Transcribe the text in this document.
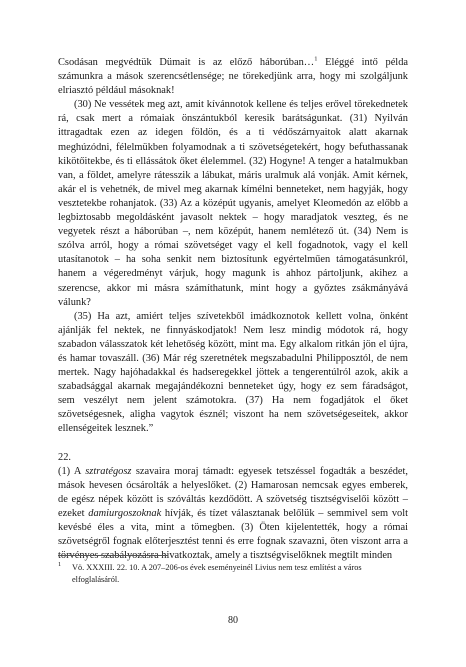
Csodásan megvédtük Dümait is az előző háborúban…$^1$ Eléggé intő példa számunkra a mások szerencsétlensége; ne törekedjünk arra, hogy mi szolgáljunk elriasztó például másoknak!

(30) Ne vessétek meg azt, amit kívánnotok kellene és teljes erővel törekednetek rá, csak mert a rómaiak önszántukból keresik barátságunkat. (31) Nyilván ittragadtak ezen az idegen földön, és a ti védőszárnyaitok alatt akarnak meghúzódni, félelmükben folyamodnak a ti szövetségetekért, hogy befuthassanak kikötőitekbe, és ti ellássátok őket élelemmel. (32) Hogyne! A tenger a hatalmukban van, a földet, amelyre rátesszik a lábukat, máris uralmuk alá vonják. Amit kérnek, akár el is vehetnék, de mivel meg akarnak kímélni benneteket, nem hagyják, hogy vesztetekbe rohanjatok. (33) Az a középút ugyanis, amelyet Kleomedón az előbb a legbiztosabb megoldásként javasolt nektek – hogy maradjatok veszteg, és ne vegyetek részt a háborúban –, nem középút, hanem nemlétező út. (34) Nem is szólva arról, hogy a római szövetséget vagy el kell fogadnotok, vagy el kell utasítanotok – ha soha senkit nem biztosítunk egyértelműen támogatásunkról, hanem a végeredményt várjuk, hogy magunk is ahhoz pártoljunk, akihez a szerencse, akkor mi másra számíthatunk, mint hogy a győztes zsákmányává válunk?

(35) Ha azt, amiért teljes szívetekből imádkoznotok kellett volna, önként ajánlják fel nektek, ne finnyáskodjatok! Nem lesz mindig módotok rá, hogy szabadon válasszatok két lehetőség között, mint ma. Egy alkalom ritkán jön el újra, és hamar tovaszáll. (36) Már rég szeretnétek megszabadulni Philipposztól, de nem mertek. Nagy hajóhadakkal és hadseregekkel jöttek a tengerentúlról azok, akik a szabadsággal akarnak megajándékozni benneteket úgy, hogy ez sem fáradságot, sem veszélyt nem jelent számotokra. (37) Ha nem fogadjátok el őket szövetségesnek, aligha vagytok észnél; viszont ha nem szövetségeseitek, akkor ellenségeitek lesznek.”

22.

(1) A sztratégosz szavaira moraj támadt: egyesek tetszéssel fogadták a beszédet, mások hevesen ócsárolták a helyeslőket. (2) Hamarosan nemcsak egyes emberek, de egész népek között is szóváltás kezdődött. A szövetség tisztségviselői között – ezeket damiurgoszoknak hívják, és tízet választanak belőlük – semmivel sem volt kevésbé éles a vita, mint a tömegben. (3) Öten kijelentették, hogy a római szövetségről fognak előterjesztést tenni és erre fognak szavazni, öten viszont arra a törvényes szabályozásra hivatkoztak, amely a tisztségviselőknek megtilt minden

$^1$ Vö. XXXIII. 22. 10. A 207–206-os évek eseményeinél Livius nem tesz említést a város
elfoglalásáról.
80
